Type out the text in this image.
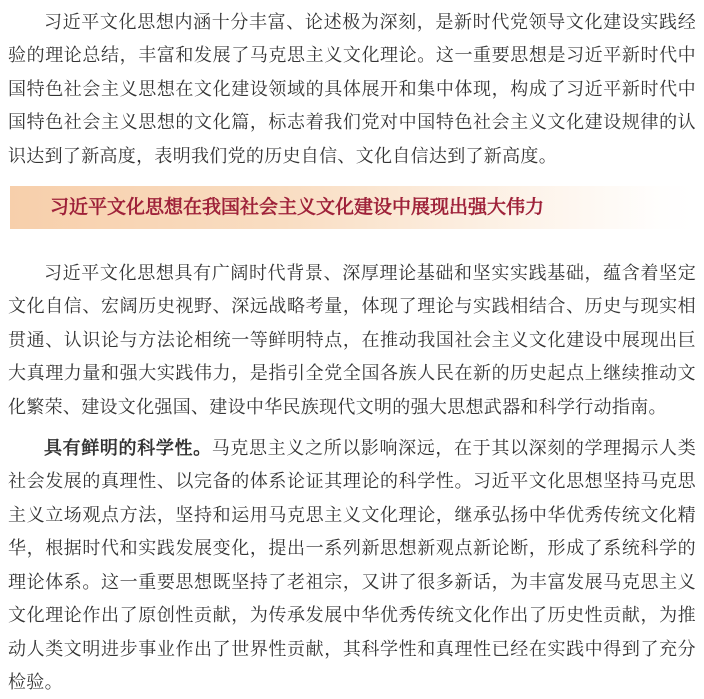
习近平文化思想内涵十分丰富、论述极为深刻，是新时代党领导文化建设实践经验的理论总结，丰富和发展了马克思主义文化理论。这一重要思想是习近平新时代中国特色社会主义思想在文化建设领域的具体展开和集中体现，构成了习近平新时代中国特色社会主义思想的文化篇，标志着我们党对中国特色社会主义文化建设规律的认识达到了新高度，表明我们党的历史自信、文化自信达到了新高度。

习近平文化思想在我国社会主义文化建设中展现出强大伟力

习近平文化思想具有广阔时代背景、深厚理论基础和坚实实践基础，蕴含着坚定文化自信、宏阔历史视野、深远战略考量，体现了理论与实践相结合、历史与现实相贯通、认识论与方法论相统一等鲜明特点，在推动我国社会主义文化建设中展现出巨大真理力量和强大实践伟力，是指引全党全国各族人民在新的历史起点上继续推动文化繁荣、建设文化强国、建设中华民族现代文明的强大思想武器和科学行动指南。

具有鲜明的科学性。马克思主义之所以影响深远，在于其以深刻的学理揭示人类社会发展的真理性、以完备的体系论证其理论的科学性。习近平文化思想坚持马克思主义立场观点方法，坚持和运用马克思主义文化理论，继承弘扬中华优秀传统文化精华，根据时代和实践发展变化，提出一系列新思想新观点新论断，形成了系统科学的理论体系。这一重要思想既坚持了老祖宗，又讲了很多新话，为丰富发展马克思主义文化理论作出了原创性贡献，为传承发展中华优秀传统文化作出了历史性贡献，为推动人类文明进步事业作出了世界性贡献，其科学性和真理性已经在实践中得到了充分检验。
